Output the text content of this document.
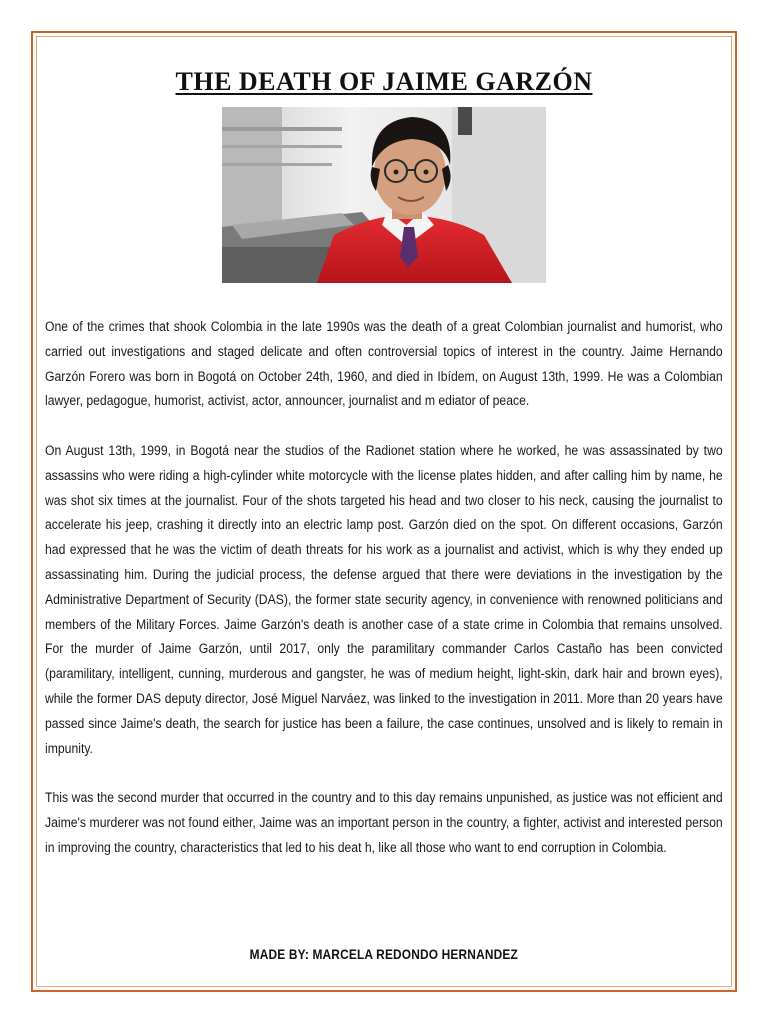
THE DEATH OF JAIME GARZÓN

One of the crimes that shook Colombia in the late 1990s was the death of a great Colombian journalist and humorist, who carried out investigations and staged delicate and often controversial topics of interest in the country. Jaime Hernando Garzón Forero was born in Bogotá on October 24th, 1960, and died in Ibídem, on August 13th, 1999. He was a Colombian lawyer, pedagogue, humorist, activist, actor, announcer, journalist and m ediator of peace.

On August 13th, 1999, in Bogotá near the studios of the Radionet station where he worked, he was assassinated by two assassins who were riding a high-cylinder white motorcycle with the license plates hidden, and after calling him by name, he was shot six times at the journalist. Four of the shots targeted his head and two closer to his neck, causing the journalist to accelerate his jeep, crashing it directly into an electric lamp post. Garzón died on the spot. On different occasions, Garzón had expressed that he was the victim of death threats for his work as a journalist and activist, which is why they ended up assassinating him. During the judicial process, the defense argued that there were deviations in the investigation by the Administrative Department of Security (DAS), the former state security agency, in convenience with renowned politicians and members of the Military Forces. Jaime Garzón's death is another case of a state crime in Colombia that remains unsolved. For the murder of Jaime Garzón, until 2017, only the paramilitary commander Carlos Castaño has been convicted (paramilitary, intelligent, cunning, murderous and gangster, he was of medium height, light-skin, dark hair and brown eyes), while the former DAS deputy director, José Miguel Narváez, was linked to the investigation in 2011. More than 20 years have passed since Jaime's death, the search for justice has been a failure, the case continues, unsolved and is likely to remain in impunity.

This was the second murder that occurred in the country and to this day remains unpunished, as justice was not efficient and Jaime's murderer was not found either, Jaime was an important person in the country, a fighter, activist and interested person in improving the country, characteristics that led to his deat h, like all those who want to end corruption in Colombia.

MADE BY: MARCELA REDONDO HERNANDEZ
